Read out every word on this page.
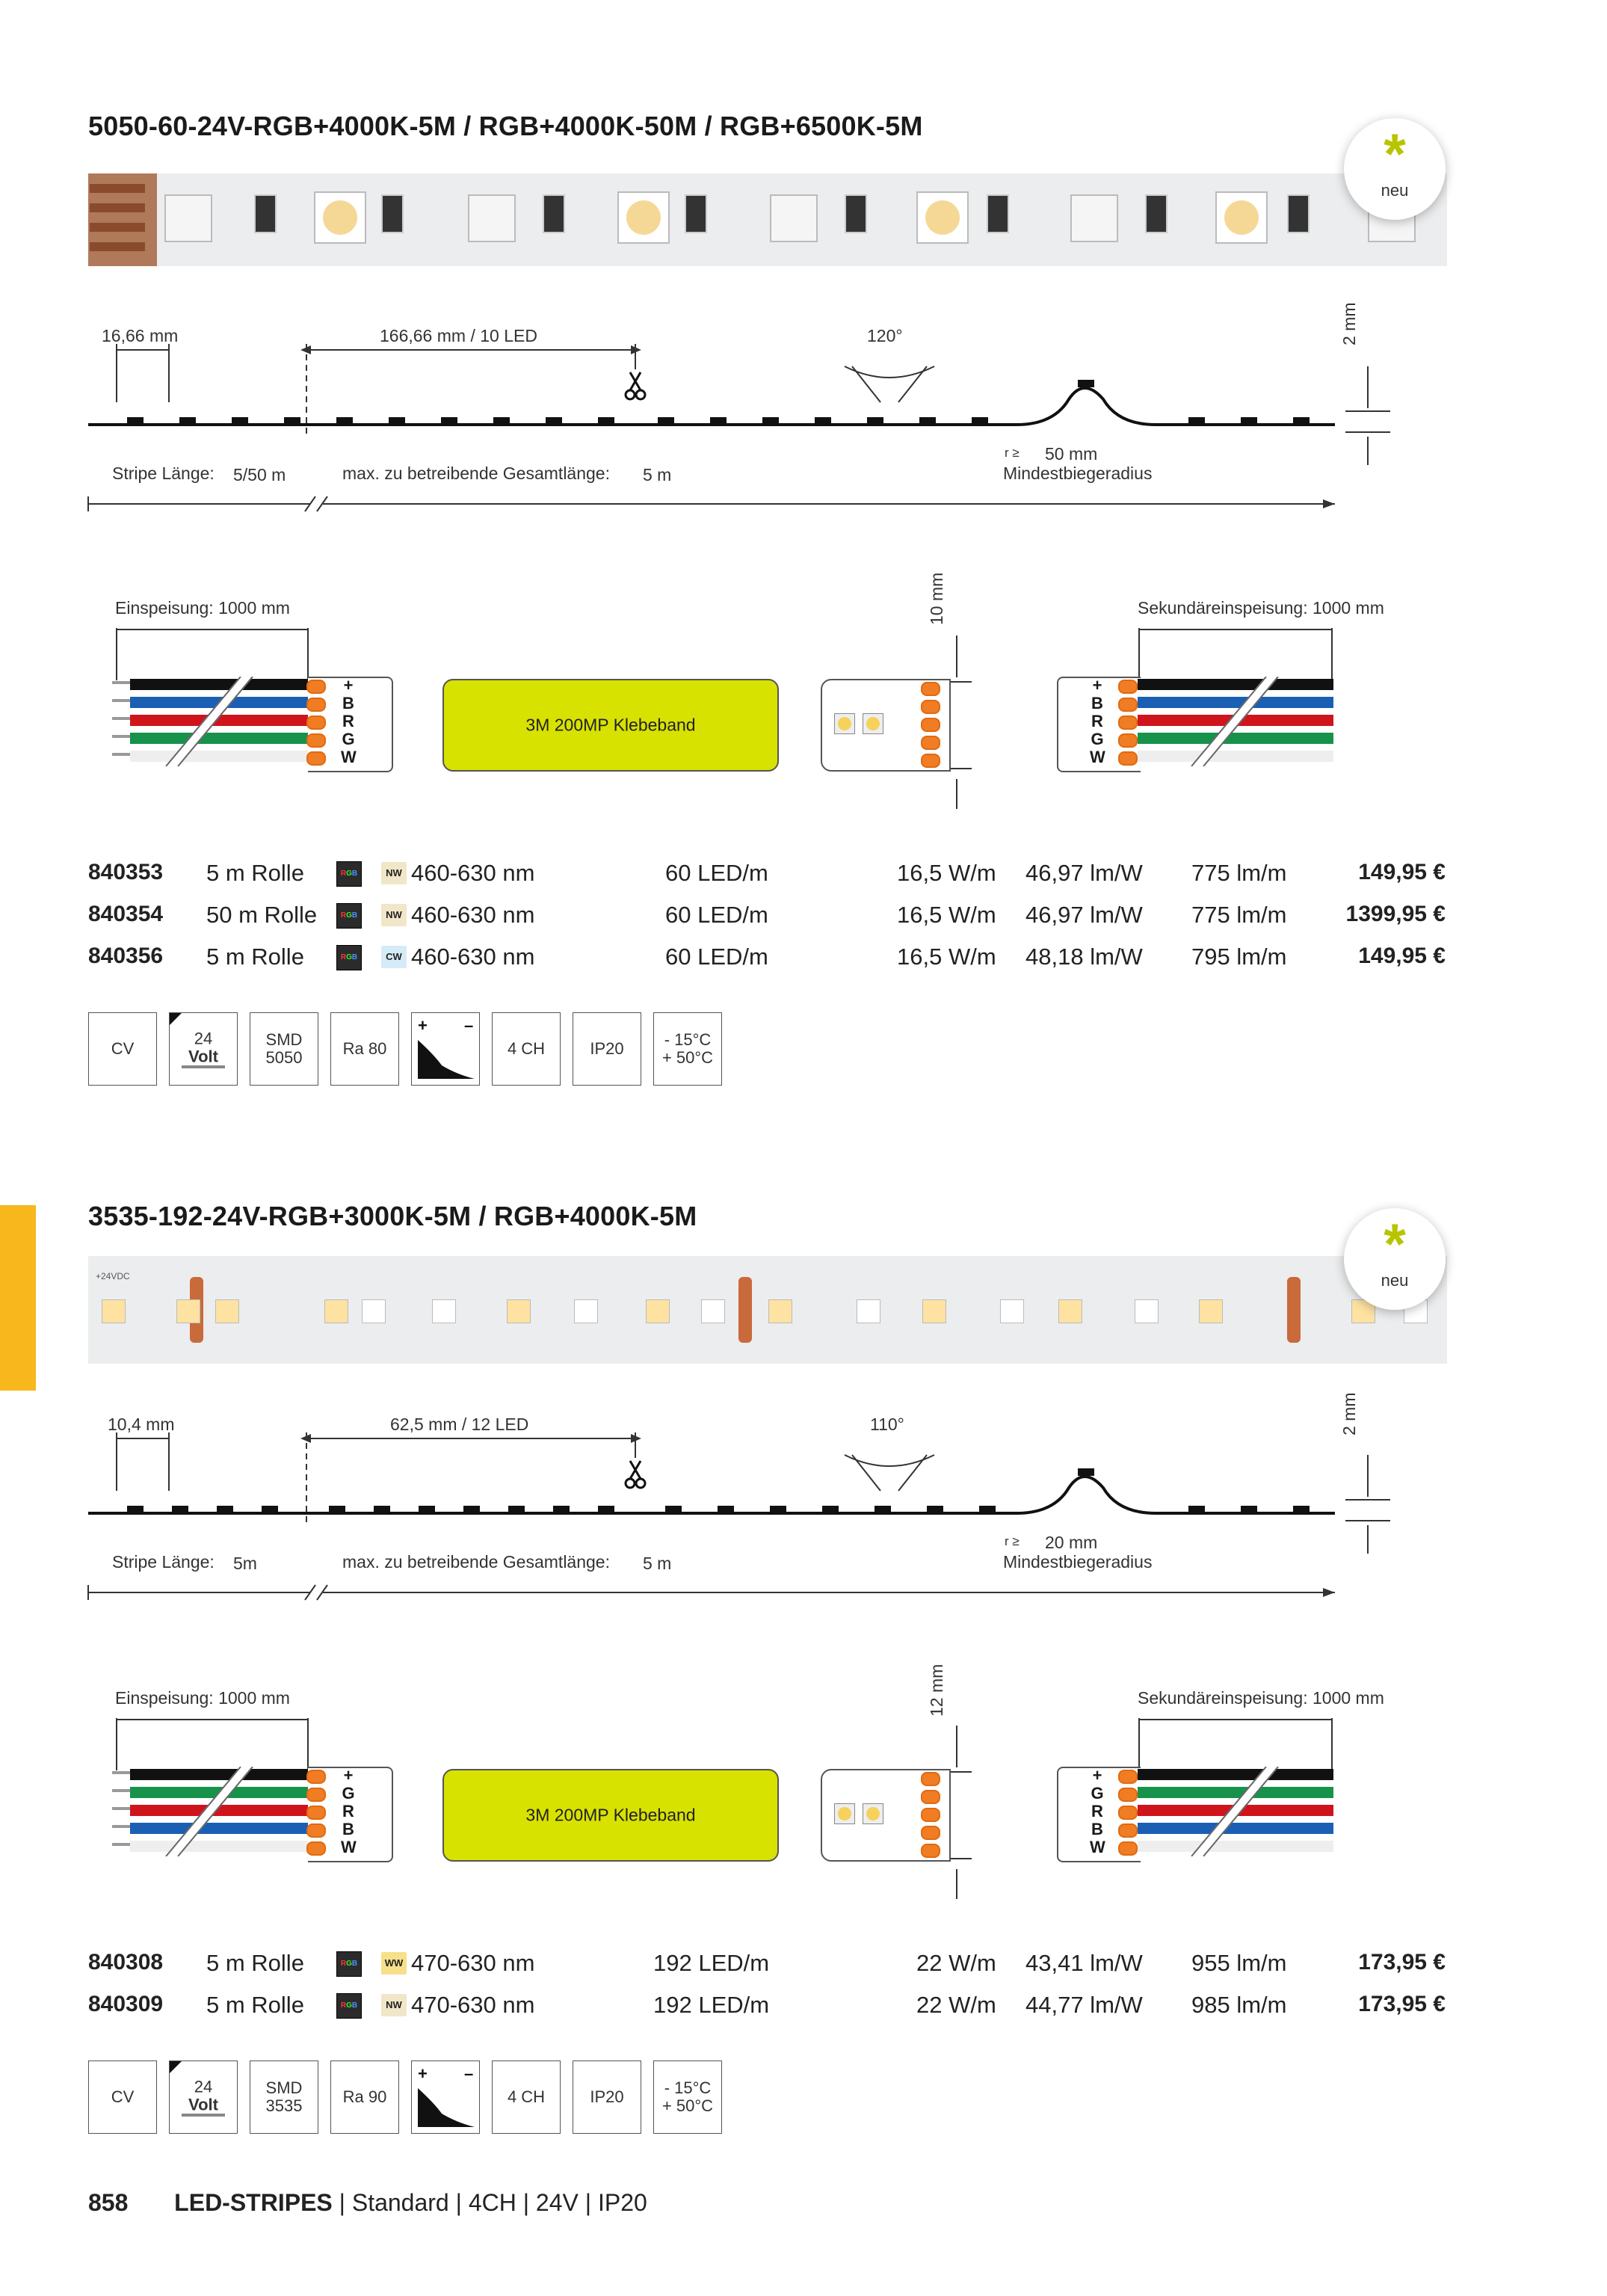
5050-60-24V-RGB+4000K-5M / RGB+4000K-50M / RGB+6500K-5M	*
neu
16,66 mm	166,66 mm / 10 LED	120°	2 mm
r ≥ 50 mm
Mindestbiegeradius
Stripe Länge: 5/50 m	max. zu betreibende Gesamtlänge: 5 m
Einspeisung: 1000 mm	Sekundäreinspeisung: 1000 mm
10 mm
+
B
R
G
W
3M 200MP Klebeband
+
B
R
G
W
840353 5 m Rolle	RGB	NW 460-630 nm	60 LED/m	16,5 W/m 46,97 lm/W 775 lm/m	149,95 €
840354 50 m Rolle	RGB	NW 460-630 nm	60 LED/m	16,5 W/m 46,97 lm/W 775 lm/m	1399,95 €
840356 5 m Rolle	RGB	CW 460-630 nm	60 LED/m	16,5 W/m 48,18 lm/W 795 lm/m	149,95 €
CV
24
Volt
SMD
5050	Ra 80
+ –
4 CH	IP20	- 15°C
+ 50°C
3535-192-24V-RGB+3000K-5M / RGB+4000K-5M
+24VDC	*
neu
10,4 mm	62,5 mm / 12 LED	110°	2 mm
r ≥ 20 mm
Mindestbiegeradius
Stripe Länge: 5m	max. zu betreibende Gesamtlänge: 5 m
Einspeisung: 1000 mm	Sekundäreinspeisung: 1000 mm
12 mm
+
G
R
B
W
3M 200MP Klebeband
+
G
R
B
W
840308 5 m Rolle	RGB	WW 470-630 nm	192 LED/m	22 W/m 43,41 lm/W 955 lm/m	173,95 €
840309 5 m Rolle	RGB	NW 470-630 nm	192 LED/m	22 W/m 44,77 lm/W 985 lm/m	173,95 €
CV
24
Volt
SMD
3535	Ra 90
+ –
4 CH	IP20	- 15°C
+ 50°C
858 LED-STRIPES | Standard | 4CH | 24V | IP20
